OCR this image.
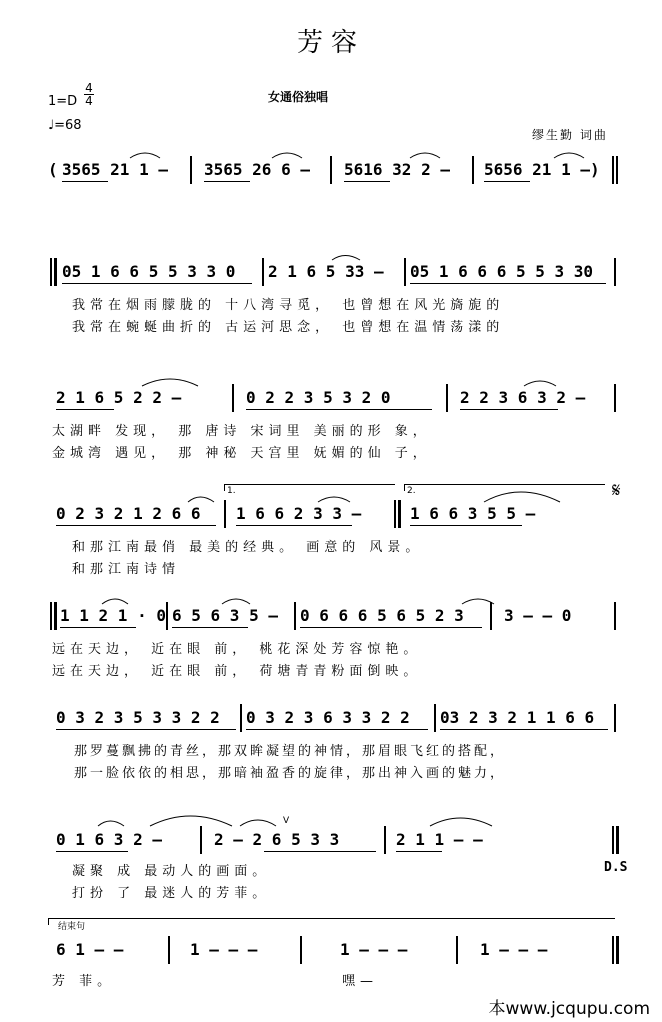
芳容
女通俗独唱
1=D
4
4
♩=68
缪生勤 词曲
( 3565 21 1 – 3565 26 6 – 5616 32 2 – 5656 21 1 –)
05 1 6 6 5 5 3 3 0 2 1 6 5 33 – 05 1 6 6 6 5 5 3 30
我常在烟雨朦胧的 十八湾寻觅， 也曾想在风光旖旎的
我常在蜿蜒曲折的 古运河思念， 也曾想在温情荡漾的
2 1 6 5 2 2 –	0 2 2 3 5 3 2 0	2 2 3 6 3 2 –
太湖畔 发现， 那 唐诗 宋词里 美丽的形 象，
金城湾 遇见， 那 神秘 天宫里 妩媚的仙 子，
1.	2.	𝄋
0 2 3 2 1 2 6 6 1 6 6 2 3 3 –	1 6 6 3 5 5 –
和那江南最俏 最美的经典。 画意的 风景。
和那江南诗情
1 1 2 1 · 0 6 5 6 3 5 – 0 6 6 6 5 6 5 2 3	3 – – 0
远在天边， 近在眼 前， 桃花深处芳容惊艳。
远在天边， 近在眼 前， 荷塘青青粉面倒映。
0 3 2 3 5 3 3 2 2 0 3 2 3 6 3 3 2 2 03 2 3 2 1 1 6 6
那罗蔓飘拂的青丝，那双眸凝望的神情，那眉眼飞红的搭配，
那一脸依依的相思，那暗袖盈香的旋律，那出神入画的魅力，
0 1 6 3 2 –	2 – 2 6 5 3 3
V
2 1 1 – –
凝聚 成 最动人的画面。
打扮 了 最迷人的芳菲。
D.S
结束句
6 1 – –	1 – – –	1 – – –	1 – – –
芳 菲。	嘿—
本www.jcqupu.com
